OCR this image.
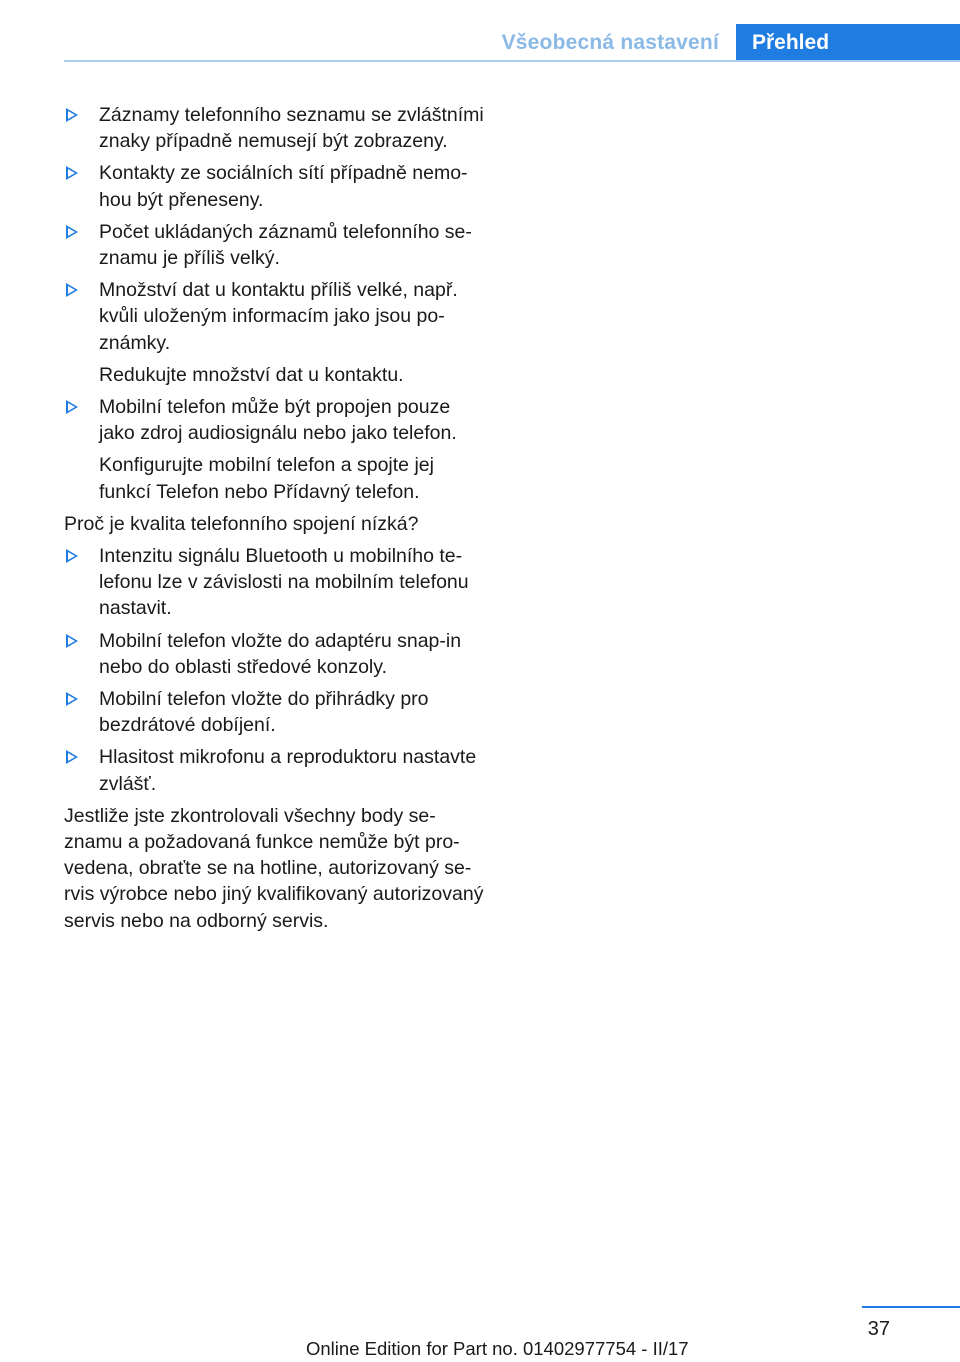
Všeobecná nastavení	Přehled
Záznamy telefonního seznamu se zvláštními znaky případně nemusejí být zobrazeny.
Kontakty ze sociálních sítí případně nemohou být přeneseny.
Počet ukládaných záznamů telefonního seznamu je příliš velký.
Množství dat u kontaktu příliš velké, např. kvůli uloženým informacím jako jsou poznámky.
Redukujte množství dat u kontaktu.
Mobilní telefon může být propojen pouze jako zdroj audiosignálu nebo jako telefon.
Konfigurujte mobilní telefon a spojte jej funkcí Telefon nebo Přídavný telefon.
Proč je kvalita telefonního spojení nízká?
Intenzitu signálu Bluetooth u mobilního telefonu lze v závislosti na mobilním telefonu nastavit.
Mobilní telefon vložte do adaptéru snap-in nebo do oblasti středové konzoly.
Mobilní telefon vložte do přihrádky pro bezdrátové dobíjení.
Hlasitost mikrofonu a reproduktoru nastavte zvlášť.
Jestliže jste zkontrolovali všechny body seznamu a požadovaná funkce nemůže být provedena, obraťte se na hotline, autorizovaný servis výrobce nebo jiný kvalifikovaný autorizovaný servis nebo na odborný servis.
37
Online Edition for Part no. 01402977754 - II/17
